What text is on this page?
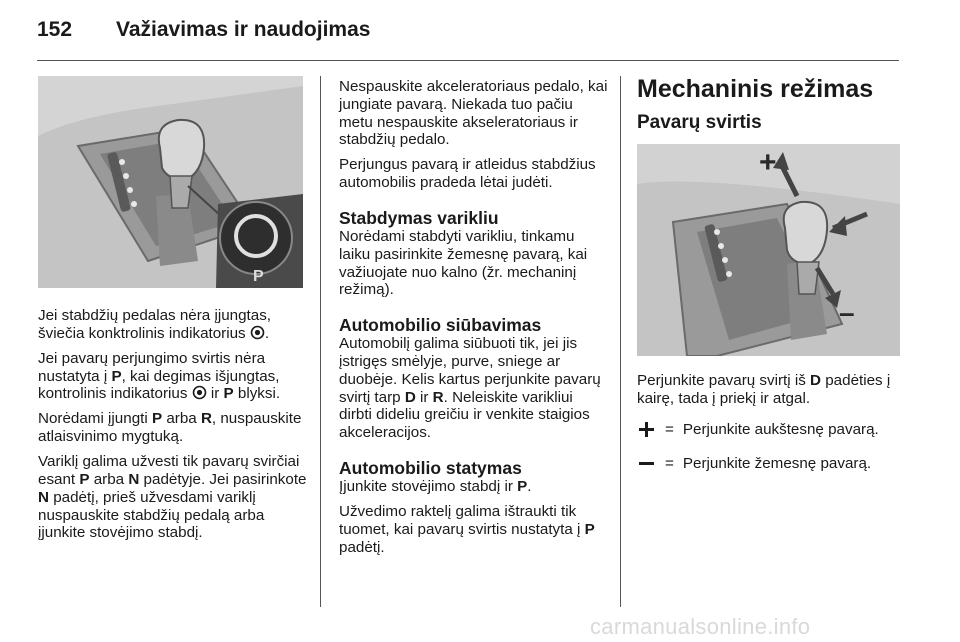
152 Važiavimas ir naudojimas
P

Jei stabdžių pedalas nėra įjungtas, šviečia konktrolinis indikatorius .

Jei pavarų perjungimo svirtis nėra nustatyta į P, kai degimas išjungtas, kontrolinis indikatorius  ir P blyksi.

Norėdami įjungti P arba R, nuspauskite atlaisvinimo mygtuką.

Variklį galima užvesti tik pavarų svirčiai esant P arba N padėtyje. Jei pasirinkote N padėtį, prieš užvesdami variklį nuspauskite stabdžių pedalą arba įjunkite stovėjimo stabdį.

Nespauskite akceleratoriaus pedalo, kai jungiate pavarą. Niekada tuo pačiu metu nespauskite akseleratoriaus ir stabdžių pedalo.

Perjungus pavarą ir atleidus stabdžius automobilis pradeda lėtai judėti.

Stabdymas varikliu

Norėdami stabdyti varikliu, tinkamu laiku pasirinkite žemesnę pavarą, kai važiuojate nuo kalno (žr. mechaninį režimą).

Automobilio siūbavimas

Automobilį galima siūbuoti tik, jei jis įstrigęs smėlyje, purve, sniege ar duobėje. Kelis kartus perjunkite pavarų svirtį tarp D ir R. Neleiskite varikliui dirbti dideliu greičiu ir venkite staigios akceleracijos.

Automobilio statymas

Įjunkite stovėjimo stabdį ir P.

Užvedimo raktelį galima ištraukti tik tuomet, kai pavarų svirtis nustatyta į P padėtį.

Mechaninis režimas
Pavarų svirtis
+
–

Perjunkite pavarų svirtį iš D padėties į kairę, tada į priekį ir atgal.

= Perjunkite aukštesnę pavarą.
= Perjunkite žemesnę pavarą.
carmanualsonline.info
